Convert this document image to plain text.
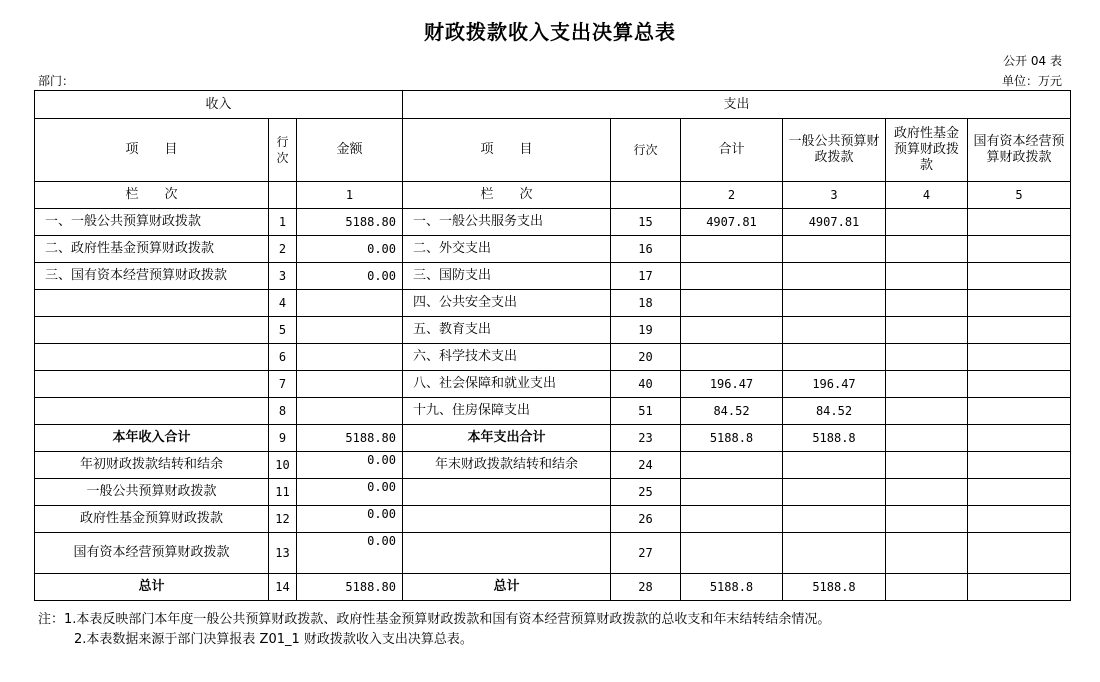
财政拨款收入支出决算总表
公开 04 表
部门：	单位：万元
收入			支出					
项　　目	行次	金额	项　　目	行次	合计	一般公共预算财政拨款	政府性基金预算财政拨款	国有资本经营预算财政拨款
栏　　次		1	栏　　次		2	3	4	5
一、一般公共预算财政拨款	1	5188.80	一、一般公共服务支出	15	4907.81	4907.81		
二、政府性基金预算财政拨款	2	0.00	二、外交支出	16				
三、国有资本经营预算财政拨款	3	0.00	三、国防支出	17				
	4		四、公共安全支出	18				
	5		五、教育支出	19				
	6		六、科学技术支出	20				
	7		八、社会保障和就业支出	40	196.47	196.47		
	8		十九、住房保障支出	51	84.52	84.52		
本年收入合计	9	5188.80	本年支出合计	23	5188.8	5188.8		
年初财政拨款结转和结余	10	0.00	年末财政拨款结转和结余	24				
一般公共预算财政拨款	11	0.00		25				
政府性基金预算财政拨款	12	0.00		26				
国有资本经营预算财政拨款	13	0.00		27				
总计	14	5188.80	总计	28	5188.8	5188.8		
注：1.本表反映部门本年度一般公共预算财政拨款、政府性基金预算财政拨款和国有资本经营预算财政拨款的总收支和年末结转结余情况。
2.本表数据来源于部门决算报表 Z01_1 财政拨款收入支出决算总表。
